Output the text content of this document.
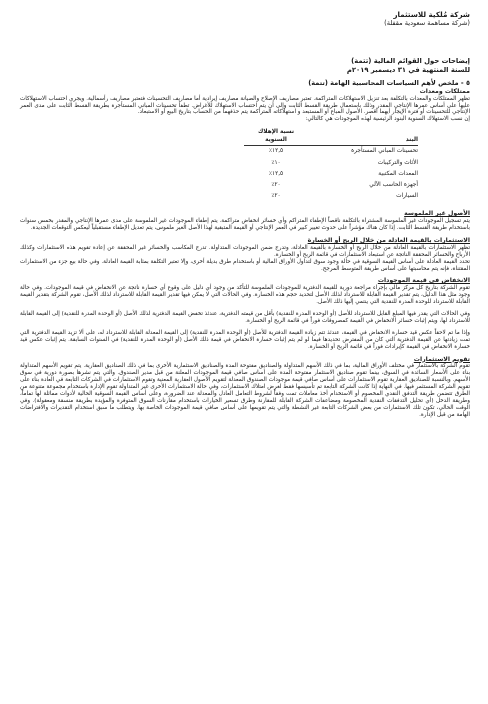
شركة مُلكية للاستثمار
(شركة مساهمة سعودية مقفلة)
إيضاحات حول القوائم المالية (تتمة)
للسنة المنتهية في ٣١ ديسمبر ٢٠١٩م
٥ - ملخص لأهم السياسات المحاسبية الهامة (تتمة)
ممتلكات ومعدات

تظهر الممتلكات والمعدات بالتكلفة بعد تنزيل الاستهلاكات المتراكمة. تعتبر مصاريف الإصلاح والصيانة مصاريف إيرادية أما مصاريف التحسينات فتعتبر مصاريف رأسمالية. ويجري احتساب الاستهلاكات عليها على أساس عمرها الإنتاجي المقدر وذلك باستعمال طريقة القسط الثابت وإلى أن يتم احتساب الاستهلاك للأغراض. تطفأ تحسينات المباني المستأجرة بطريقة القسط الثابت على مدى العمر الإنتاجي للتحسينات أو فترة الإيجار أيهما أقصر. الأصول المباع أو المستبعد و استهلاكاته المتراكمة يتم حذفهما من الحساب بتاريخ البيع أو الاستبعاد.

إن نسب الاستهلاك السنوية البنود الرئيسية لهذه الموجودات هي كالتالي:

	نسبة الإهلاك
البند	السنوية
تحسينات المباني المستأجرة	٪١٢,٥
الأثاث والتركيبات	٪١٠
المعدات المكتبية	٪١٢,٥
أجهزة الحاسب الآلي	٪٢٠
السيارات	٪٢٠
الأصول غير الملموسة

يتم تسجيل الموجودات غير الملموسة المشتراة بالتكلفة ناقصاً الإطفاء المتراكم وأي خسائر انخفاض متراكمة. يتم إطفاء الموجودات غير الملموسة على مدى عمرها الإنتاجي والمقدر بخمس سنوات باستخدام طريقة القسط الثابت. إذا كان هناك مؤشراً على حدوث تغيير كبير في العمر الإنتاجي أو القيمة المتبقية لهذا الأصل الغير ملموس، يتم تعديل الإطفاء مستقبلياً ليعكس التوقعات الجديدة.

الاستثمارات بالقيمة العادلة من خلال الربح أو الخسارة

تظهر الاستثمارات بالقيمة العادلة من خلال الربح أو الخسارة بالقيمة العادلة، وتدرج ضمن الموجودات المتداولة. تدرج المكاسب والخسائر غير المحققة عن إعادة تقويم هذه الاستثمارات وكذلك الأرباح والخسائر المحققة الناتجة عن استبعاد الاستثمارات في قائمة الربح أو الخسارة.

تحدد القيمة العادلة على أساس القيمة السوقية في حالة وجود سوق لتداول الأوراق المالية أو باستخدام طرق بديلة أخرى، وإلا تعتبر التكلفة بمثابة القيمة العادلة. وفي حالة بيع جزء من الاستثمارات المقتناة، فإنه يتم محاسبتها على أساس طريقة المتوسط المرجح.

الانخفاض في قيمة الموجودات

تقوم الشركة بتاريخ كل مركز مالي بإجراء مراجعة دورية للقيمة الدفترية للموجودات الملموسة للتأكد من وجود أي دليل على وقوع أي خسارة ناتجة عن الانخفاض في قيمة الموجودات. وفي حالة وجود مثل هذا الدليل، يتم تقدير القيمة القابلة للاسترداد لذلك الأصل لتحديد حجم هذه الخسارة. وفي الحالات التي لا يمكن فيها تقدير القيمة القابلة للاسترداد لذلك الأصل، تقوم الشركة بتقدير القيمة القابلة للاسترداد للوحدة المدرة للنقدية التي ينتمي إليها ذلك الأصل.

وفي الحالات التي يقدر فيها المبلغ القابل للاسترداد للأصل (أو الوحدة المدرة للنقدية) بأقل من قيمته الدفترية، عندئذ تخفض القيمة الدفترية لذلك الأصل (أو الوحدة المدرة للنقدية) إلى القيمة القابلة للاسترداد لها، ويتم إثبات خسائر الانخفاض في القيمة كمصروفات فوراً في قائمة الربح أو الخسارة.

وإذا ما تم لاحقاً عكس قيد خسارة الانخفاض في القيمة، عندئذ تتم زيادة القيمة الدفترية للأصل (أو الوحدة المدرة للنقدية) إلى القيمة المعدلة القابلة للاسترداد له، على ألا تزيد القيمة الدفترية التي تمت زيادتها عن القيمة الدفترية التي كان من المفترض تحديدها فيما لو لم يتم إثبات خسارة الانخفاض في قيمة ذلك الأصل (أو الوحدة المدرة للنقدية) في السنوات السابقة. يتم إثبات عكس قيد خسارة الانخفاض في القيمة كإيرادات فوراً في قائمة الربح أو الخسارة.

تقويم الاستثمارات

تقوم الشركة بالاستثمار في مختلف الأوراق المالية، بما في ذلك الأسهم المتداولة والصناديق مفتوحة المدة والصناديق الاستثمارية الأخرى بما في ذلك الصناديق العقارية. يتم تقويم الأسهم المتداولة بناء على الأسعار السائدة في السوق، بينما تقوم صناديق الاستثمار مفتوحة المدة على أساس صافي قيمة الموجودات المعلنة من قبل مدير الصندوق. والتي يتم نشرها بصورة دورية في سوق الأسهم. وبالنسبة للصناديق العقارية تقوم الاستثمارات على أساس صافي قيمة موجودات الصندوق المعدلة لتقويم الأصول العقارية المعنية وتقوم الاستثمارات في الشركات التابعة في العادة بناء على تقويم الشركة المستثمر فيها. في النهاية إذا كانت الشركة التابعة تم تأسيسها فقط لغرض امتلاك الاستثمارات، وفي حالة الاستثمارات الأخرى غير المتداولة تقوم الإدارة باستخدام مجموعة متنوعة من الطرق تتضمن طريقة التدفق النقدي المخصوم أو الاستخدام أخذ معاملات تمت وفقاً لشروط التعامل العادل والمعدلة عند الضرورة، وعلى أساس القيمة السوقية الحالية لأدوات مماثلة لها تماماً، وطريقة الدخل (أي تحليل التدفقات النقدية المخصومة ومضاعفات الشركة القابلة للمقارنة وطرق تسعير الخيارات باستخدام مقارنات السوق المتوفرة والمؤيدة بطريقة منسقة ومعقولة). وفي الوقت الحالي، تكون تلك الاستثمارات من بعض الشركات التابعة غير النشطة والتي يتم تقويمها على أساس صافي قيمة الموجودات الخاصة بها. ويتطلب ما سبق استخدام التقديرات والافتراضات الهامة من قبل الإدارة.
